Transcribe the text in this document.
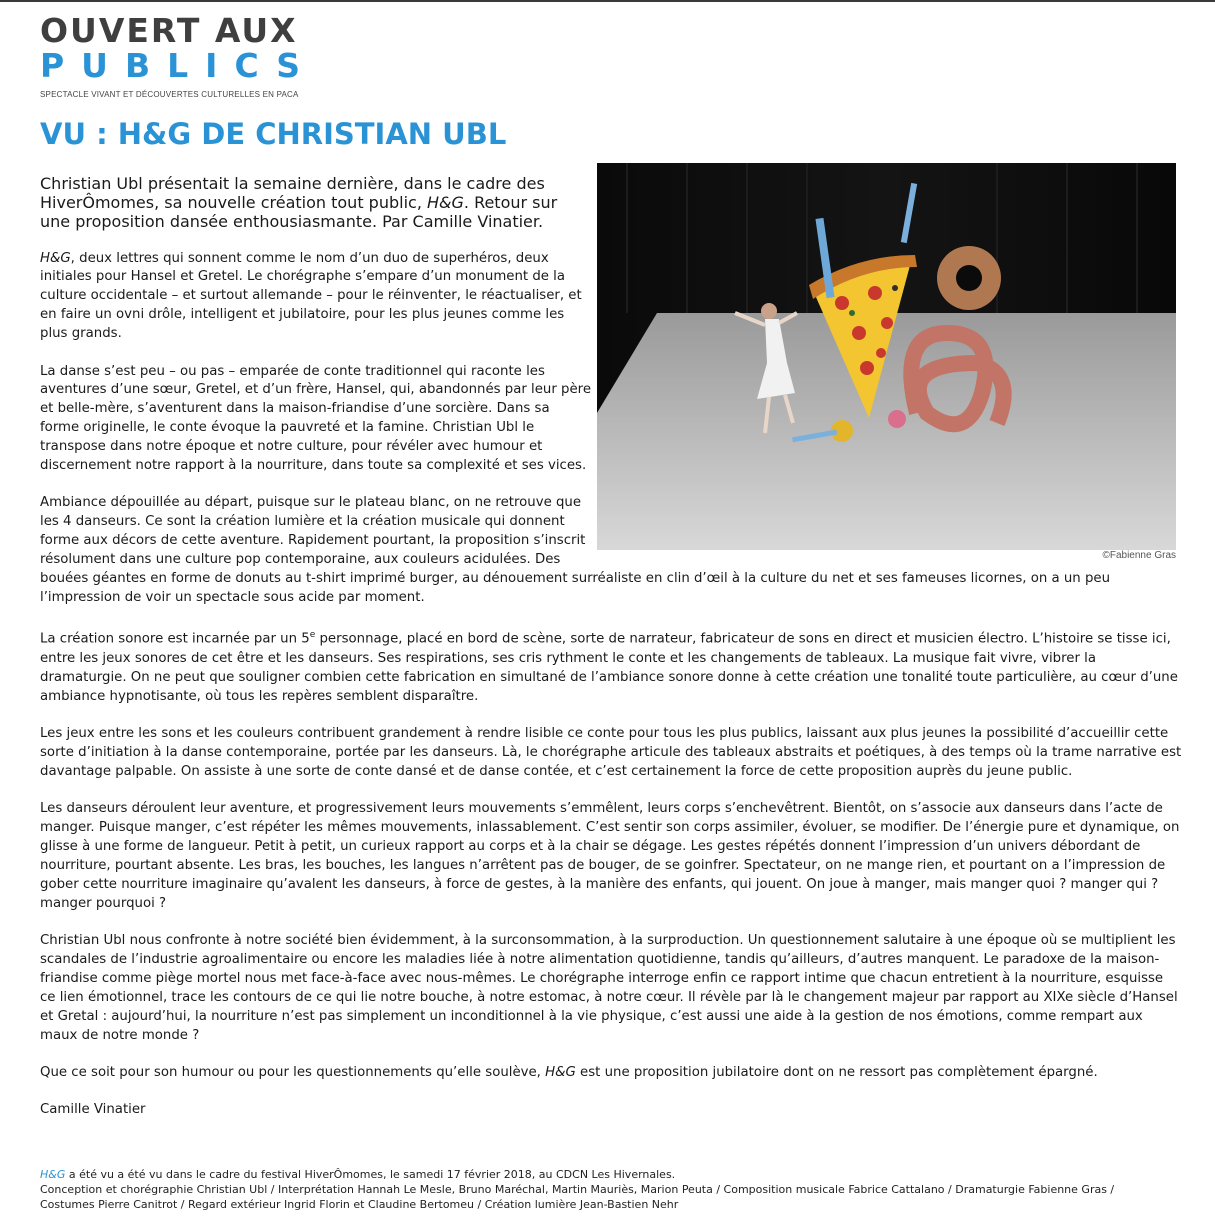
OUVERT AUX
PUBLICS
SPECTACLE VIVANT ET DÉCOUVERTES CULTURELLES EN PACA
VU : H&G DE CHRISTIAN UBL
©Fabienne Gras

Christian Ubl présentait la semaine dernière, dans le cadre des HiverÔmomes, sa nouvelle création tout public, H&G. Retour sur une proposition dansée enthousiasmante. Par Camille Vinatier.

H&G, deux lettres qui sonnent comme le nom d’un duo de superhéros, deux initiales pour Hansel et Gretel. Le chorégraphe s’empare d’un monument de la culture occidentale – et surtout allemande – pour le réinventer, le réactualiser, et en faire un ovni drôle, intelligent et jubilatoire, pour les plus jeunes comme les plus grands.

La danse s’est peu – ou pas – emparée de conte traditionnel qui raconte les aventures d’une sœur, Gretel, et d’un frère, Hansel, qui, abandonnés par leur père et belle-mère, s’aventurent dans la maison-friandise d’une sorcière. Dans sa forme originelle, le conte évoque la pauvreté et la famine. Christian Ubl le transpose dans notre époque et notre culture, pour révéler avec humour et discernement notre rapport à la nourriture, dans toute sa complexité et ses vices.

Ambiance dépouillée au départ, puisque sur le plateau blanc, on ne retrouve que les 4 danseurs. Ce sont la création lumière et la création musicale qui donnent forme aux décors de cette aventure. Rapidement pourtant, la proposition s’inscrit résolument dans une culture pop contemporaine, aux couleurs acidulées. Des bouées géantes en forme de donuts au t-shirt imprimé burger, au dénouement surréaliste en clin d’œil à la culture du net et ses fameuses licornes, on a un peu l’impression de voir un spectacle sous acide par moment.

La création sonore est incarnée par un 5e personnage, placé en bord de scène, sorte de narrateur, fabricateur de sons en direct et musicien électro. L’histoire se tisse ici, entre les jeux sonores de cet être et les danseurs. Ses respirations, ses cris rythment le conte et les changements de tableaux. La musique fait vivre, vibrer la dramaturgie. On ne peut que souligner combien cette fabrication en simultané de l’ambiance sonore donne à cette création une tonalité toute particulière, au cœur d’une ambiance hypnotisante, où tous les repères semblent disparaître.

Les jeux entre les sons et les couleurs contribuent grandement à rendre lisible ce conte pour tous les plus publics, laissant aux plus jeunes la possibilité d’accueillir cette sorte d’initiation à la danse contemporaine, portée par les danseurs. Là, le chorégraphe articule des tableaux abstraits et poétiques, à des temps où la trame narrative est davantage palpable. On assiste à une sorte de conte dansé et de danse contée, et c’est certainement la force de cette proposition auprès du jeune public.

Les danseurs déroulent leur aventure, et progressivement leurs mouvements s’emmêlent, leurs corps s’enchevêtrent. Bientôt, on s’associe aux danseurs dans l’acte de manger. Puisque manger, c’est répéter les mêmes mouvements, inlassablement. C’est sentir son corps assimiler, évoluer, se modifier. De l’énergie pure et dynamique, on glisse à une forme de langueur. Petit à petit, un curieux rapport au corps et à la chair se dégage. Les gestes répétés donnent l’impression d’un univers débordant de nourriture, pourtant absente. Les bras, les bouches, les langues n’arrêtent pas de bouger, de se goinfrer. Spectateur, on ne mange rien, et pourtant on a l’impression de gober cette nourriture imaginaire qu’avalent les danseurs, à force de gestes, à la manière des enfants, qui jouent. On joue à manger, mais manger quoi ? manger qui ? manger pourquoi ?

Christian Ubl nous confronte à notre société bien évidemment, à la surconsommation, à la surproduction. Un questionnement salutaire à une époque où se multiplient les scandales de l’industrie agroalimentaire ou encore les maladies liée à notre alimentation quotidienne, tandis qu’ailleurs, d’autres manquent. Le paradoxe de la maison-friandise comme piège mortel nous met face-à-face avec nous-mêmes. Le chorégraphe interroge enfin ce rapport intime que chacun entretient à la nourriture, esquisse ce lien émotionnel, trace les contours de ce qui lie notre bouche, à notre estomac, à notre cœur. Il révèle par là le changement majeur par rapport au XIXe siècle d’Hansel et Gretal : aujourd’hui, la nourriture n’est pas simplement un inconditionnel à la vie physique, c’est aussi une aide à la gestion de nos émotions, comme rempart aux maux de notre monde ?

Que ce soit pour son humour ou pour les questionnements qu’elle soulève, H&G est une proposition jubilatoire dont on ne ressort pas complètement épargné.

Camille Vinatier

H&G a été vu a été vu dans le cadre du festival HiverÔmomes, le samedi 17 février 2018, au CDCN Les Hivernales.
Conception et chorégraphie Christian Ubl / Interprétation Hannah Le Mesle, Bruno Maréchal, Martin Mauriès, Marion Peuta / Composition musicale Fabrice Cattalano / Dramaturgie Fabienne Gras /
Costumes Pierre Canitrot / Regard extérieur Ingrid Florin et Claudine Bertomeu / Création lumière Jean-Bastien Nehr
